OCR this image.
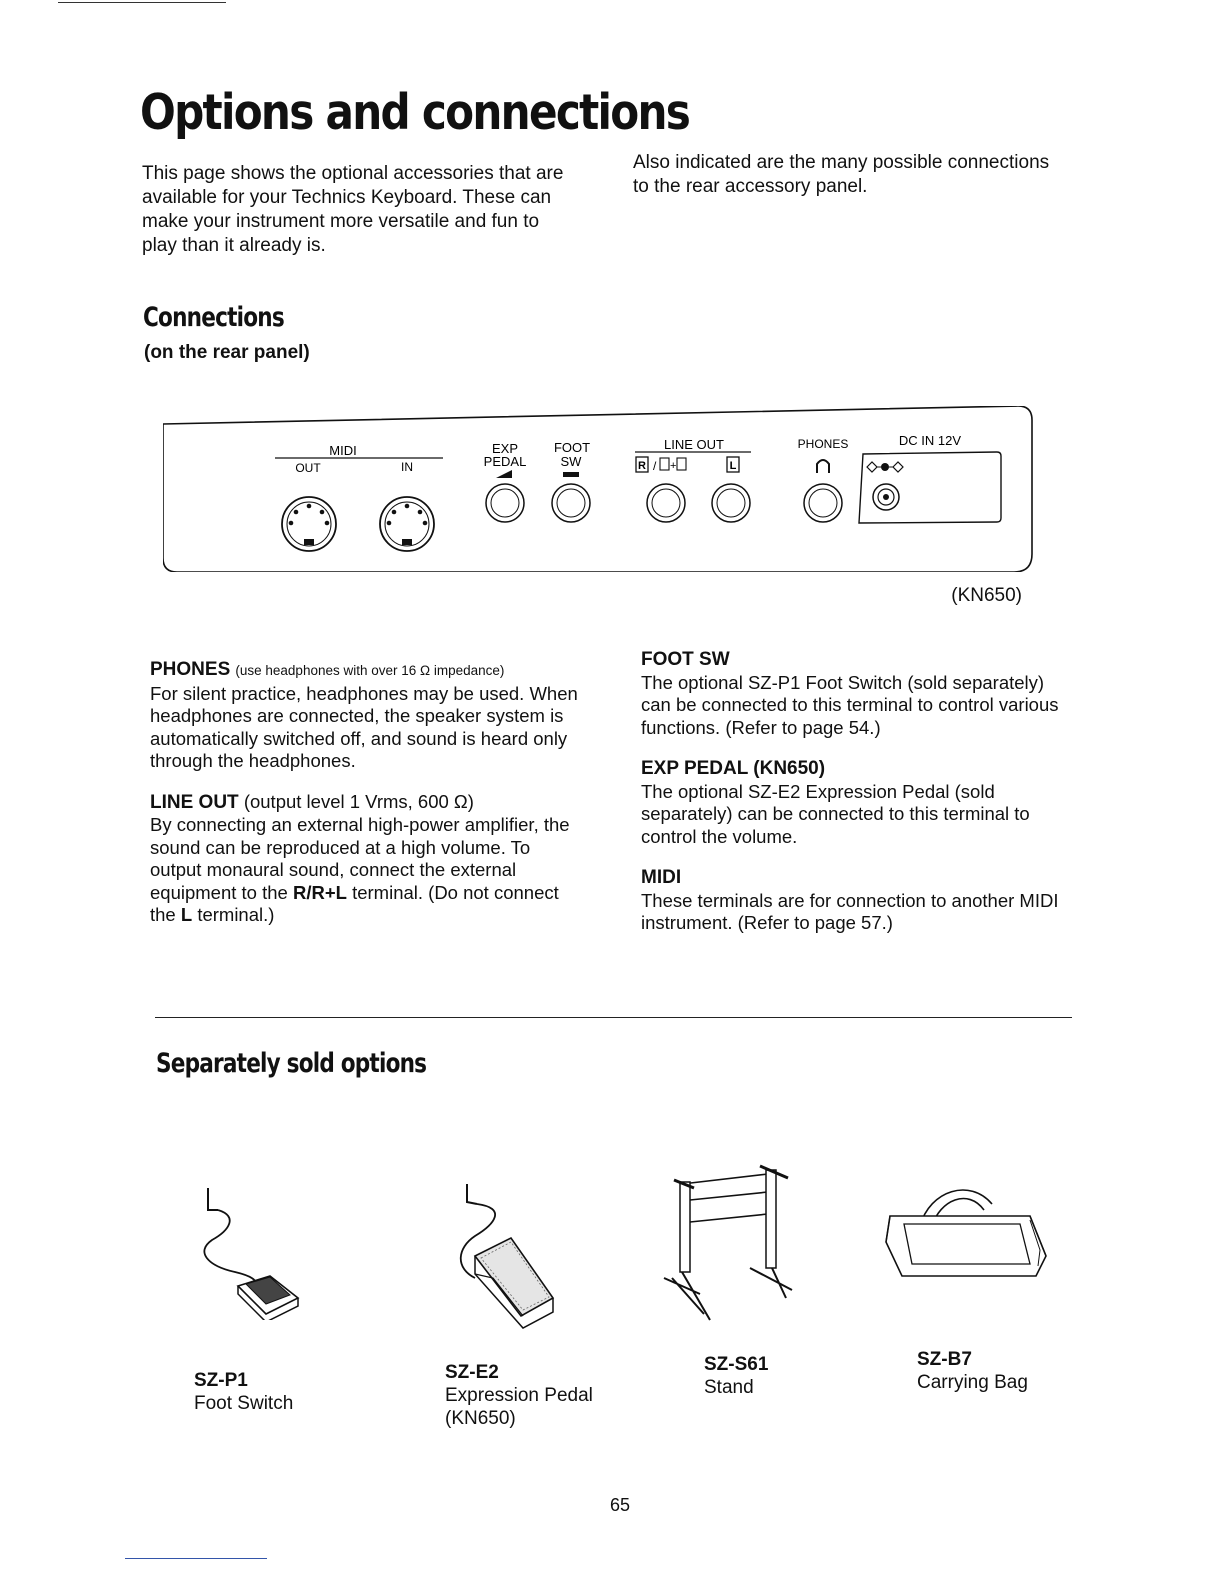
Options and connections
This page shows the optional accessories that are available for your Technics Keyboard. These can make your instrument more versatile and fun to play than it already is.
Also indicated are the many possible connections to the rear accessory panel.
Connections
(on the rear panel)
MIDI
OUT	IN
EXP
PEDAL
FOOT
SW
LINE OUT
R / +	L
PHONES	DC IN 12V
(KN650)

PHONES (use headphones with over 16 Ω impedance)
For silent practice, headphones may be used. When headphones are connected, the speaker system is automatically switched off, and sound is heard only through the headphones.

LINE OUT (output level 1 Vrms, 600 Ω)
By connecting an external high-power amplifier, the sound can be reproduced at a high volume. To output monaural sound, connect the external equipment to the R/R+L terminal. (Do not connect the L terminal.)

FOOT SW
The optional SZ-P1 Foot Switch (sold separately) can be connected to this terminal to control various functions. (Refer to page 54.)

EXP PEDAL (KN650)
The optional SZ-E2 Expression Pedal (sold separately) can be connected to this terminal to control the volume.

MIDI
These terminals are for connection to another MIDI instrument. (Refer to page 57.)

Separately sold options
SZ-P1
Foot Switch
SZ-E2
Expression Pedal (KN650)
SZ-S61
Stand
SZ-B7
Carrying Bag
65
